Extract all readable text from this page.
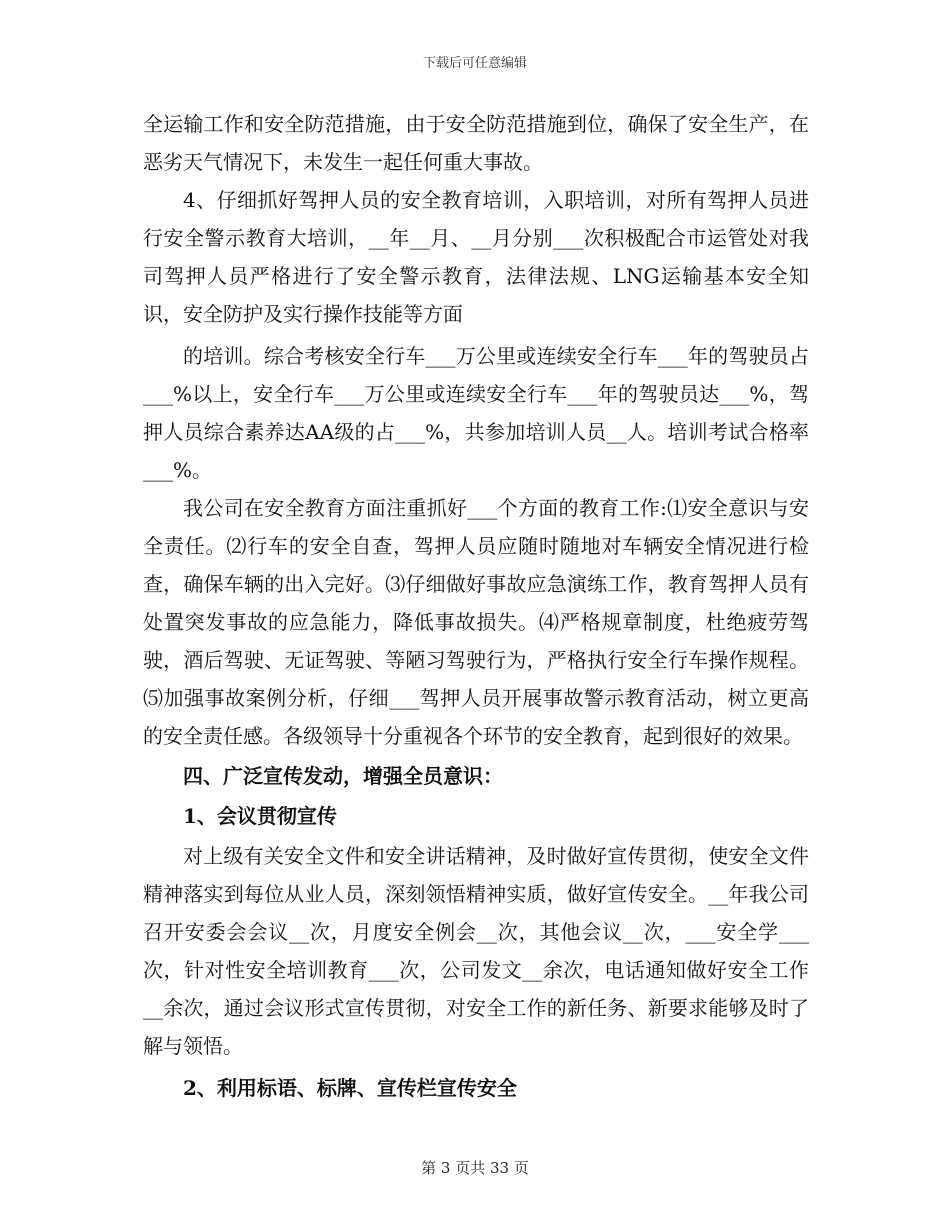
下载后可任意编辑

全运输工作和安全防范措施，由于安全防范措施到位，确保了安全生产，在恶劣天气情况下，未发生一起任何重大事故。

4、仔细抓好驾押人员的安全教育培训，入职培训，对所有驾押人员进行安全警示教育大培训，__年__月、__月分别___次积极配合市运管处对我司驾押人员严格进行了安全警示教育，法律法规、LNG运输基本安全知识，安全防护及实行操作技能等方面

的培训。综合考核安全行车___万公里或连续安全行车___年的驾驶员占___%以上，安全行车___万公里或连续安全行车___年的驾驶员达___%，驾押人员综合素养达AA级的占___%，共参加培训人员__人。培训考试合格率___%。

我公司在安全教育方面注重抓好___个方面的教育工作:⑴安全意识与安全责任。⑵行车的安全自查，驾押人员应随时随地对车辆安全情况进行检查，确保车辆的出入完好。⑶仔细做好事故应急演练工作，教育驾押人员有处置突发事故的应急能力，降低事故损失。⑷严格规章制度，杜绝疲劳驾驶，酒后驾驶、无证驾驶、等陋习驾驶行为，严格执行安全行车操作规程。⑸加强事故案例分析，仔细___驾押人员开展事故警示教育活动，树立更高的安全责任感。各级领导十分重视各个环节的安全教育，起到很好的效果。

四、广泛宣传发动，增强全员意识：

1、会议贯彻宣传

对上级有关安全文件和安全讲话精神，及时做好宣传贯彻，使安全文件精神落实到每位从业人员，深刻领悟精神实质，做好宣传安全。__年我公司召开安委会会议__次，月度安全例会__次，其他会议__次，___安全学___次，针对性安全培训教育___次，公司发文__余次，电话通知做好安全工作__余次，通过会议形式宣传贯彻，对安全工作的新任务、新要求能够及时了解与领悟。

2、利用标语、标牌、宣传栏宣传安全

第 3 页共 33 页
